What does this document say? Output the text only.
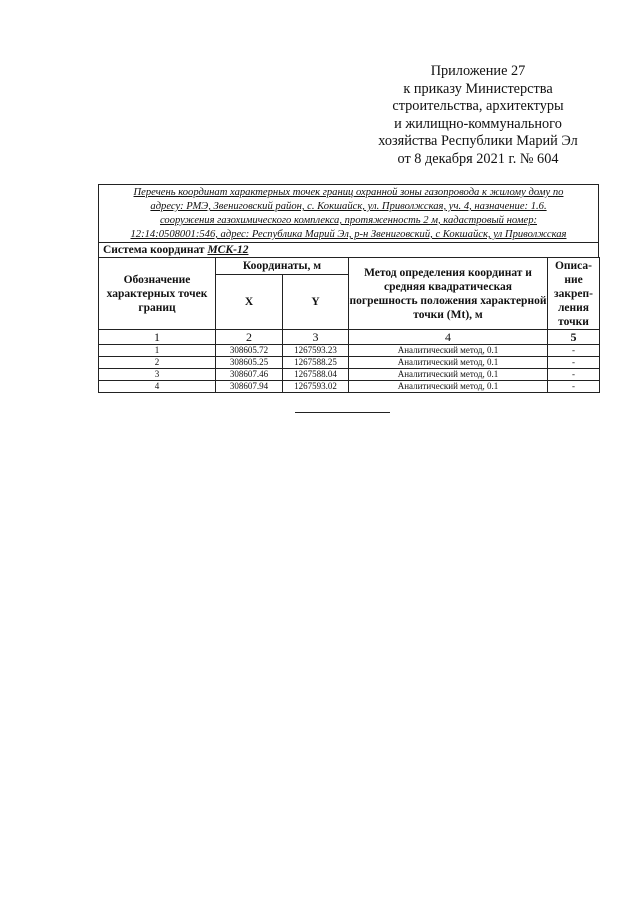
Приложение 27
к приказу Министерства
строительства, архитектуры
и жилищно-коммунального
хозяйства Республики Марий Эл
от 8 декабря 2021 г. № 604
Перечень координат характерных точек границ охранной зоны газопровода к жилому дому по
адресу: РМЭ, Звениговский район, с. Кокшайск, ул. Приволжская, уч. 4, назначение: 1.6.
сооружения газохимического комплекса, протяженность 2 м, кадастровый номер:
12:14:0508001:546, адрес: Республика Марий Эл, р-н Звениговский, с Кокшайск, ул Приволжская
Система координат МСК-12
Обозначение характерных точек границ	Координаты, м		Метод определения координат и средняя квадратическая погрешность положения характерной точки (Mt), м	Описа-ние закреп-ления точки
	X	Y		
1	2	3	4	5
1	308605.72	1267593.23	Аналитический метод, 0.1	-
2	308605.25	1267588.25	Аналитический метод, 0.1	-
3	308607.46	1267588.04	Аналитический метод, 0.1	-
4	308607.94	1267593.02	Аналитический метод, 0.1	-
